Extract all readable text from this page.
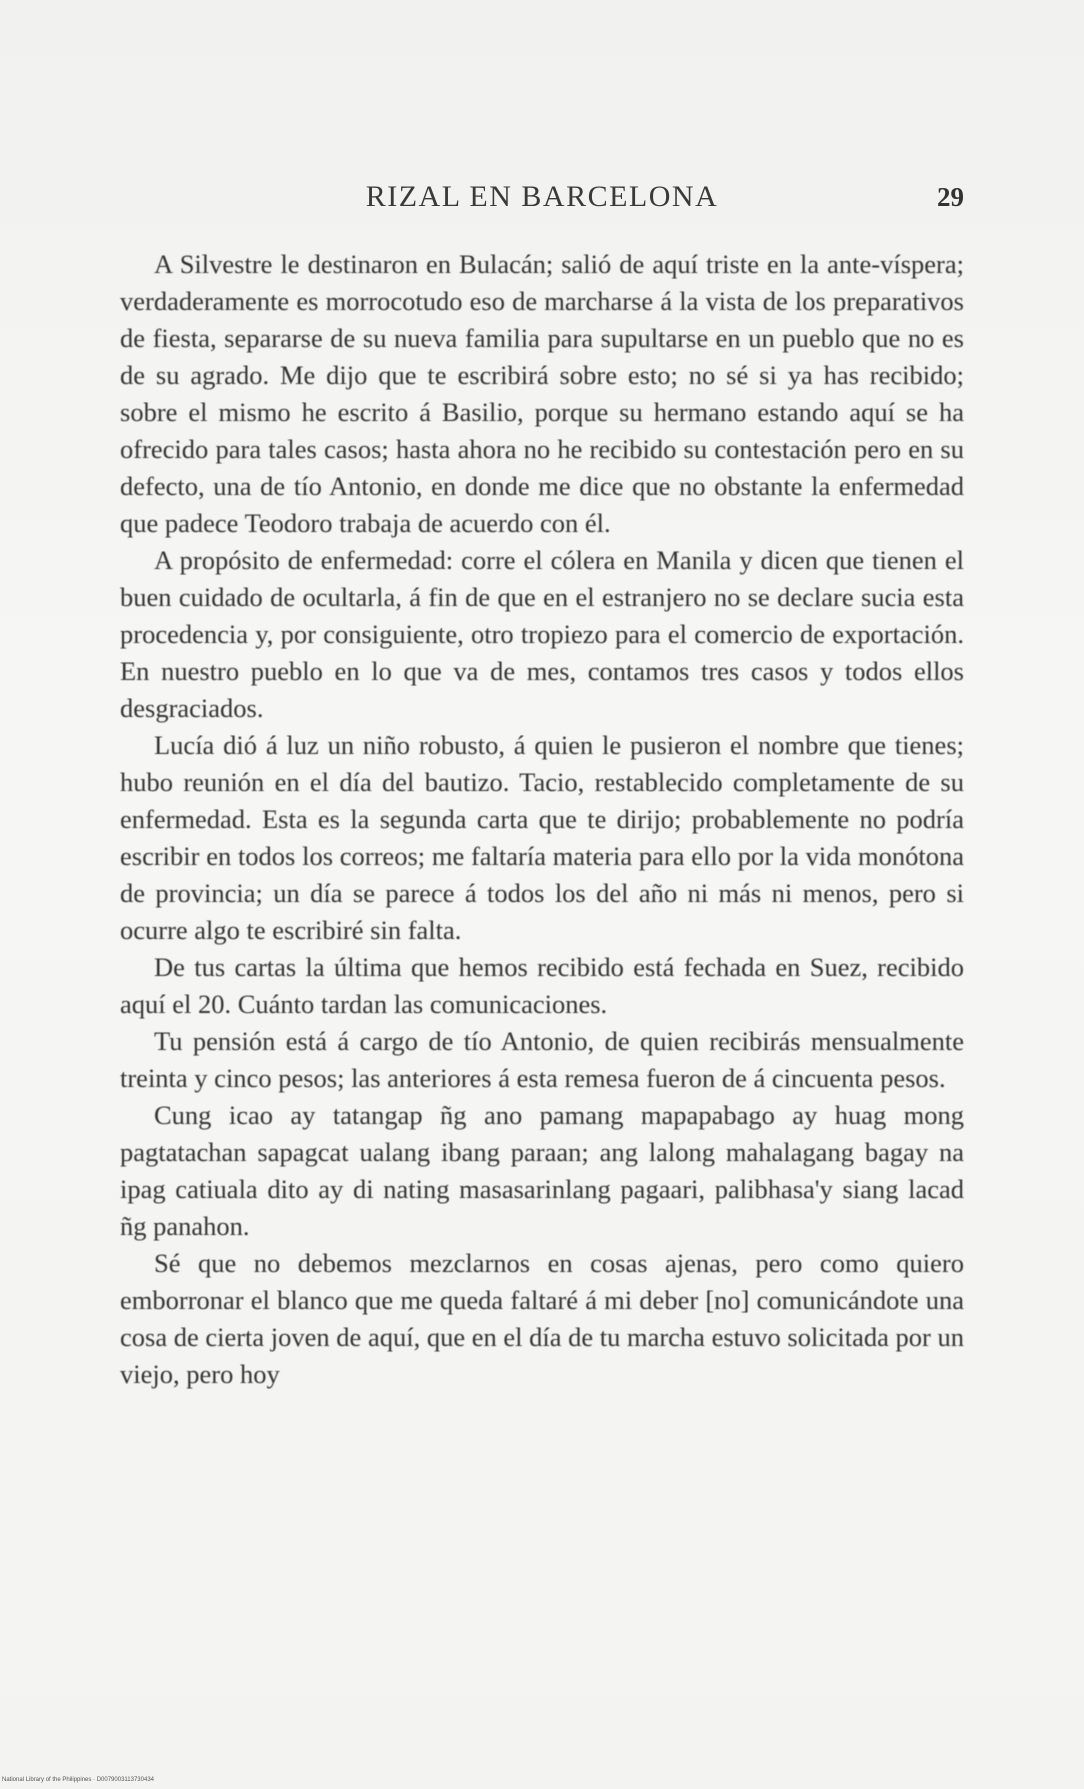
RIZAL EN BARCELONA	29

A Silvestre le destinaron en Bulacán; salió de aquí triste en la ante-víspera; verdaderamente es morrocotudo eso de marcharse á la vista de los preparativos de fiesta, separarse de su nueva familia para supultarse en un pueblo que no es de su agrado. Me dijo que te escribirá sobre esto; no sé si ya has recibido; sobre el mismo he escrito á Basilio, porque su hermano estando aquí se ha ofrecido para tales casos; hasta ahora no he recibido su contestación pero en su defecto, una de tío Antonio, en donde me dice que no obstante la enfermedad que padece Teodoro trabaja de acuerdo con él.

A propósito de enfermedad: corre el cólera en Manila y dicen que tienen el buen cuidado de ocultarla, á fin de que en el estranjero no se declare sucia esta procedencia y, por consiguiente, otro tropiezo para el comercio de exportación. En nuestro pueblo en lo que va de mes, contamos tres casos y todos ellos desgraciados.

Lucía dió á luz un niño robusto, á quien le pusieron el nombre que tienes; hubo reunión en el día del bautizo. Tacio, restablecido completamente de su enfermedad. Esta es la segunda carta que te dirijo; probablemente no podría escribir en todos los correos; me faltaría materia para ello por la vida monótona de provincia; un día se parece á todos los del año ni más ni menos, pero si ocurre algo te escribiré sin falta.

De tus cartas la última que hemos recibido está fechada en Suez, recibido aquí el 20. Cuánto tardan las comunicaciones.

Tu pensión está á cargo de tío Antonio, de quien recibirás mensualmente treinta y cinco pesos; las anteriores á esta remesa fueron de á cincuenta pesos.

Cung icao ay tatangap ñg ano pamang mapapabago ay huag mong pagtatachan sapagcat ualang ibang paraan; ang lalong mahalagang bagay na ipag catiuala dito ay di nating masasarinlang pagaari, palibhasa'y siang lacad ñg panahon.

Sé que no debemos mezclarnos en cosas ajenas, pero como quiero emborronar el blanco que me queda faltaré á mi deber [no] comunicándote una cosa de cierta joven de aquí, que en el día de tu marcha estuvo solicitada por un viejo, pero hoy

National Library of the Philippines · D0079003113730434
